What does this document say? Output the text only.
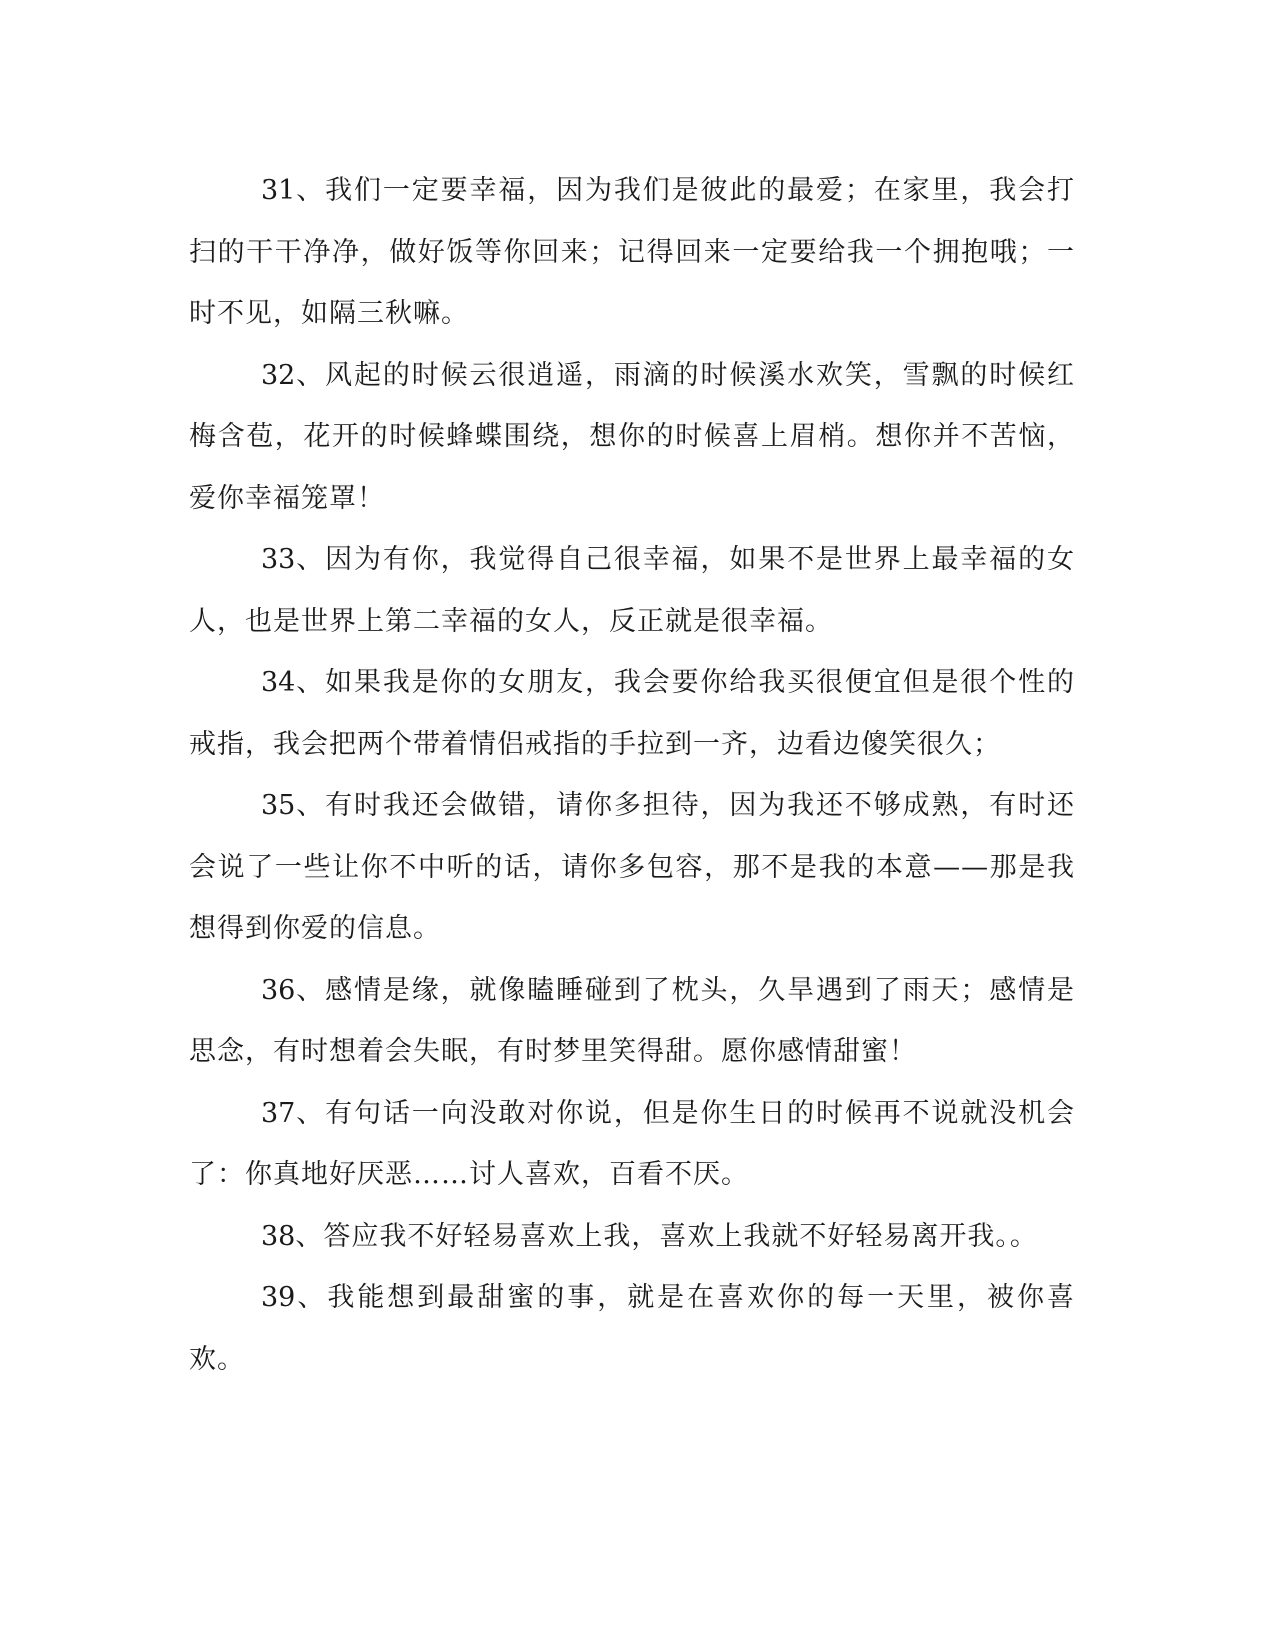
31、我们一定要幸福，因为我们是彼此的最爱；在家里，我会打扫的干干净净，做好饭等你回来；记得回来一定要给我一个拥抱哦；一时不见，如隔三秋嘛。

32、风起的时候云很逍遥，雨滴的时候溪水欢笑，雪飘的时候红梅含苞，花开的时候蜂蝶围绕，想你的时候喜上眉梢。想你并不苦恼，爱你幸福笼罩！

33、因为有你，我觉得自己很幸福，如果不是世界上最幸福的女人，也是世界上第二幸福的女人，反正就是很幸福。

34、如果我是你的女朋友，我会要你给我买很便宜但是很个性的戒指，我会把两个带着情侣戒指的手拉到一齐，边看边傻笑很久；

35、有时我还会做错，请你多担待，因为我还不够成熟，有时还会说了一些让你不中听的话，请你多包容，那不是我的本意——那是我想得到你爱的信息。

36、感情是缘，就像瞌睡碰到了枕头，久旱遇到了雨天；感情是思念，有时想着会失眠，有时梦里笑得甜。愿你感情甜蜜！

37、有句话一向没敢对你说，但是你生日的时候再不说就没机会了：你真地好厌恶……讨人喜欢，百看不厌。

38、答应我不好轻易喜欢上我，喜欢上我就不好轻易离开我。。

39、我能想到最甜蜜的事，就是在喜欢你的每一天里，被你喜欢。
